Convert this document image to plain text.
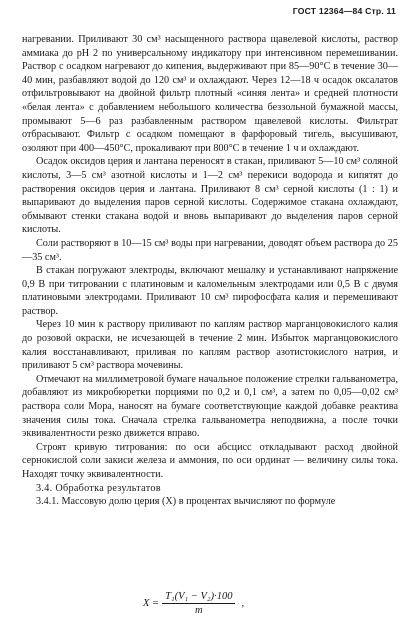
ГОСТ 12364—84 Стр. 11

нагревании. Приливают 30 см³ насыщенного раствора щавелевой кислоты, раствор аммиака до pH 2 по универсальному индикатору при интенсивном перемешивании. Раствор с осадком нагревают до кипения, выдерживают при 85—90°С в течение 30—40 мин, разбавляют водой до 120 см³ и охлаждают. Через 12—18 ч осадок оксалатов отфильтровывают на двойной фильтр плотный «синяя лента» и средней плотности «белая лента» с добавлением небольшого количества беззольной бумажной массы, промывают 5—6 раз разбавленным раствором щавелевой кислоты. Фильтрат отбрасывают. Фильтр с осадком помещают в фарфоровый тигель, высушивают, озоляют при 400—450°С, прокаливают при 800°С в течение 1 ч и охлаждают.

Осадок оксидов церия и лантана переносят в стакан, приливают 5—10 см³ соляной кислоты, 3—5 см³ азотной кислоты и 1—2 см³ перекиси водорода и кипятят до растворения оксидов церия и лантана. Приливают 8 см³ серной кислоты (1 : 1) и выпаривают до выделения паров серной кислоты. Содержимое стакана охлаждают, обмывают стенки стакана водой и вновь выпаривают до выделения паров серной кислоты.

Соли растворяют в 10—15 см³ воды при нагревании, доводят объем раствора до 25—35 см³.

В стакан погружают электроды, включают мешалку и устанавливают напряжение 0,9 В при титровании с платиновым и каломельным электродами или 0,5 В с двумя платиновыми электродами. Приливают 10 см³ пирофосфата калия и перемешивают раствор.

Через 10 мин к раствору приливают по каплям раствор марганцовокислого калия до розовой окраски, не исчезающей в течение 2 мин. Избыток марганцовокислого калия восстанавливают, приливая по каплям раствор азотистокислого натрия, и приливают 5 см³ раствора мочевины.

Отмечают на миллиметровой бумаге начальное положение стрелки гальванометра, добавляют из микробюретки порциями по 0,2 и 0,1 см³, а затем по 0,05—0,02 см³ раствора соли Мора, наносят на бумаге соответствующие каждой добавке реактива значения силы тока. Сначала стрелка гальванометра неподвижна, а после точки эквивалентности резко движется вправо.

Строят кривую титрования: по оси абсцисс откладывают расход двойной сернокислой соли закиси железа и аммония, по оси ординат — величину силы тока. Находят точку эквивалентности.

3.4. Обработка результатов

3.4.1. Массовую долю церия (X) в процентах вычисляют по формуле

$X = \frac{\text{T₁(V₁ − V₂)·100}}{m}$ ,
